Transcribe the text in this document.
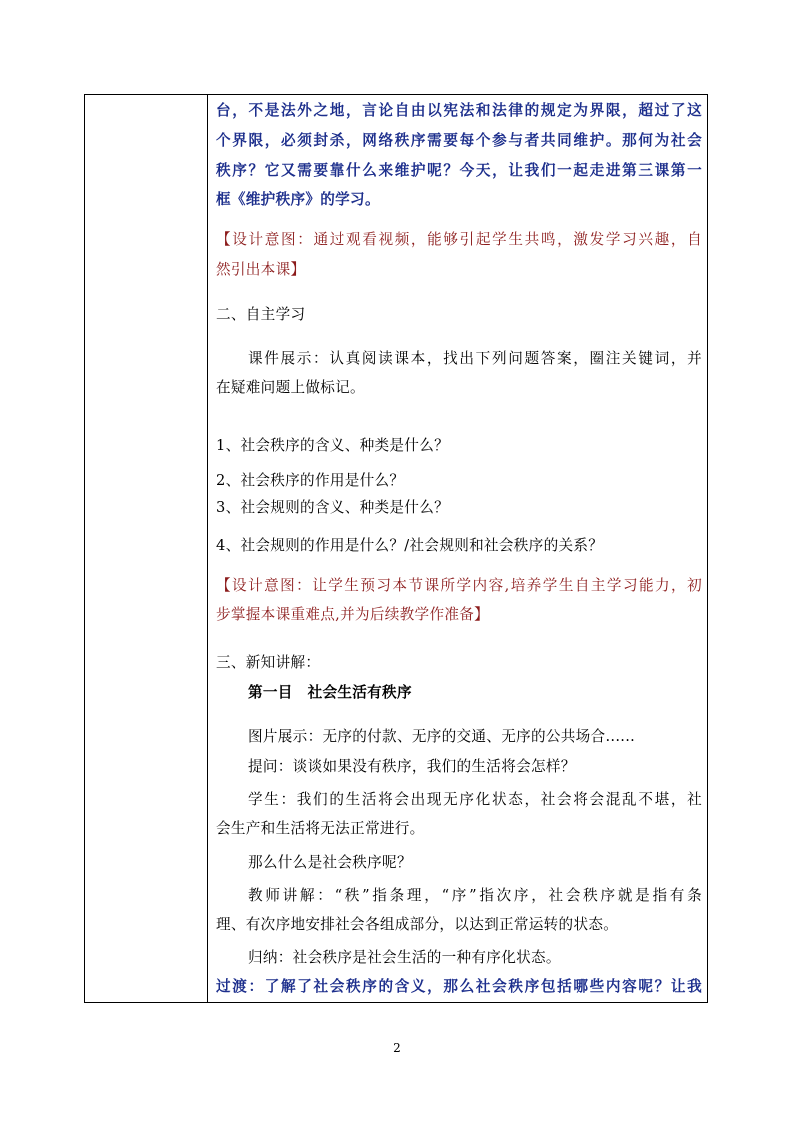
台，不是法外之地，言论自由以宪法和法律的规定为界限，超过了这

个界限，必须封杀，网络秩序需要每个参与者共同维护。那何为社会

秩序？它又需要靠什么来维护呢？今天，让我们一起走进第三课第一

框《维护秩序》的学习。

【设计意图：通过观看视频，能够引起学生共鸣，激发学习兴趣，自

然引出本课】

二、自主学习

课件展示：认真阅读课本，找出下列问题答案，圈注关键词，并

在疑难问题上做标记。

1、社会秩序的含义、种类是什么？

2、社会秩序的作用是什么？

3、社会规则的含义、种类是什么？

4、社会规则的作用是什么？/社会规则和社会秩序的关系？

【设计意图：让学生预习本节课所学内容,培养学生自主学习能力，初

步掌握本课重难点,并为后续教学作准备】

三、新知讲解：

第一目　社会生活有秩序

图片展示：无序的付款、无序的交通、无序的公共场合......

提问：谈谈如果没有秩序，我们的生活将会怎样？

学生：我们的生活将会出现无序化状态，社会将会混乱不堪，社

会生产和生活将无法正常进行。

那么什么是社会秩序呢？

教师讲解：“秩”指条理，“序”指次序，社会秩序就是指有条

理、有次序地安排社会各组成部分，以达到正常运转的状态。

归纳：社会秩序是社会生活的一种有序化状态。

过渡：了解了社会秩序的含义，那么社会秩序包括哪些内容呢？让我

2
